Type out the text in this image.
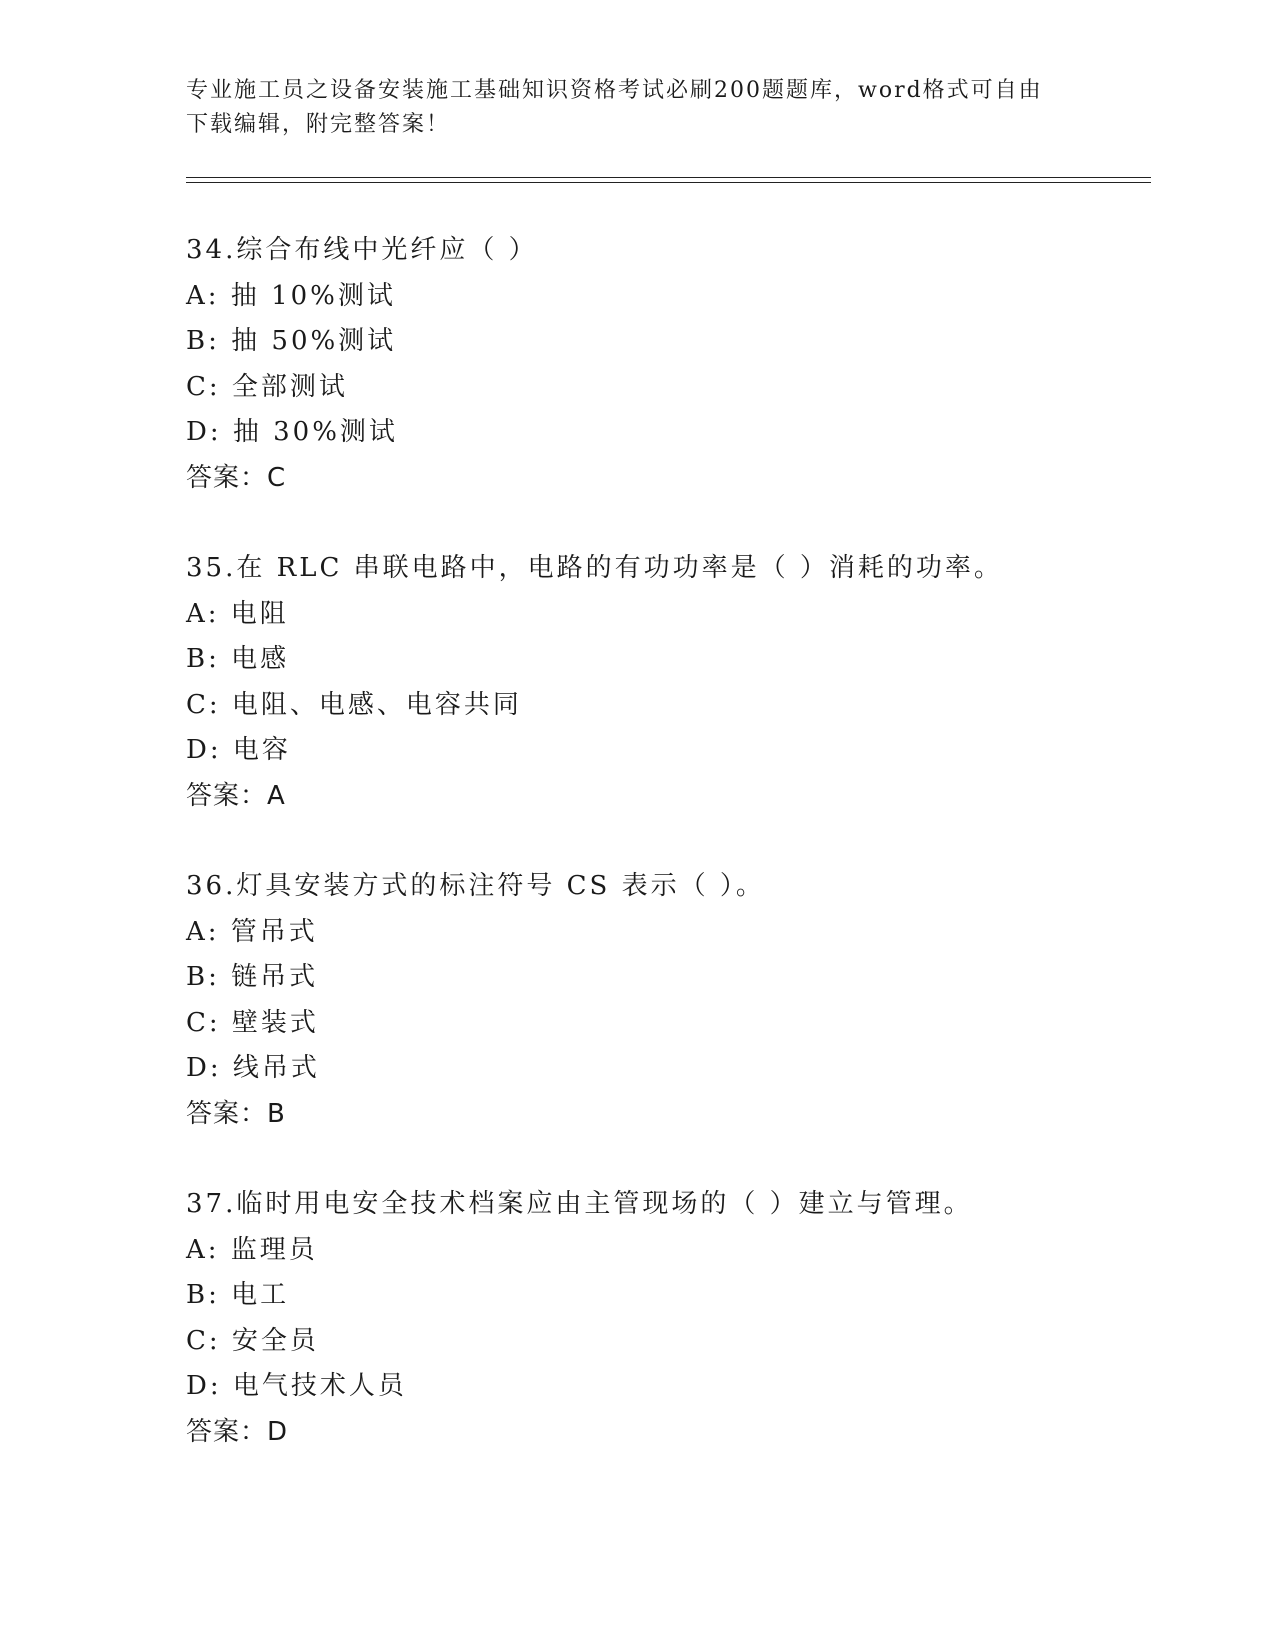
专业施工员之设备安装施工基础知识资格考试必刷200题题库，word格式可自由
下载编辑，附完整答案！
34.综合布线中光纤应（ ）
A: 抽 10%测试
B: 抽 50%测试
C: 全部测试
D: 抽 30%测试
答案：C
35.在 RLC 串联电路中，电路的有功功率是（ ）消耗的功率。
A: 电阻
B: 电感
C: 电阻、电感、电容共同
D: 电容
答案：A
36.灯具安装方式的标注符号 CS 表示（ ）。
A: 管吊式
B: 链吊式
C: 壁装式
D: 线吊式
答案：B
37.临时用电安全技术档案应由主管现场的（ ）建立与管理。
A: 监理员
B: 电工
C: 安全员
D: 电气技术人员
答案：D
